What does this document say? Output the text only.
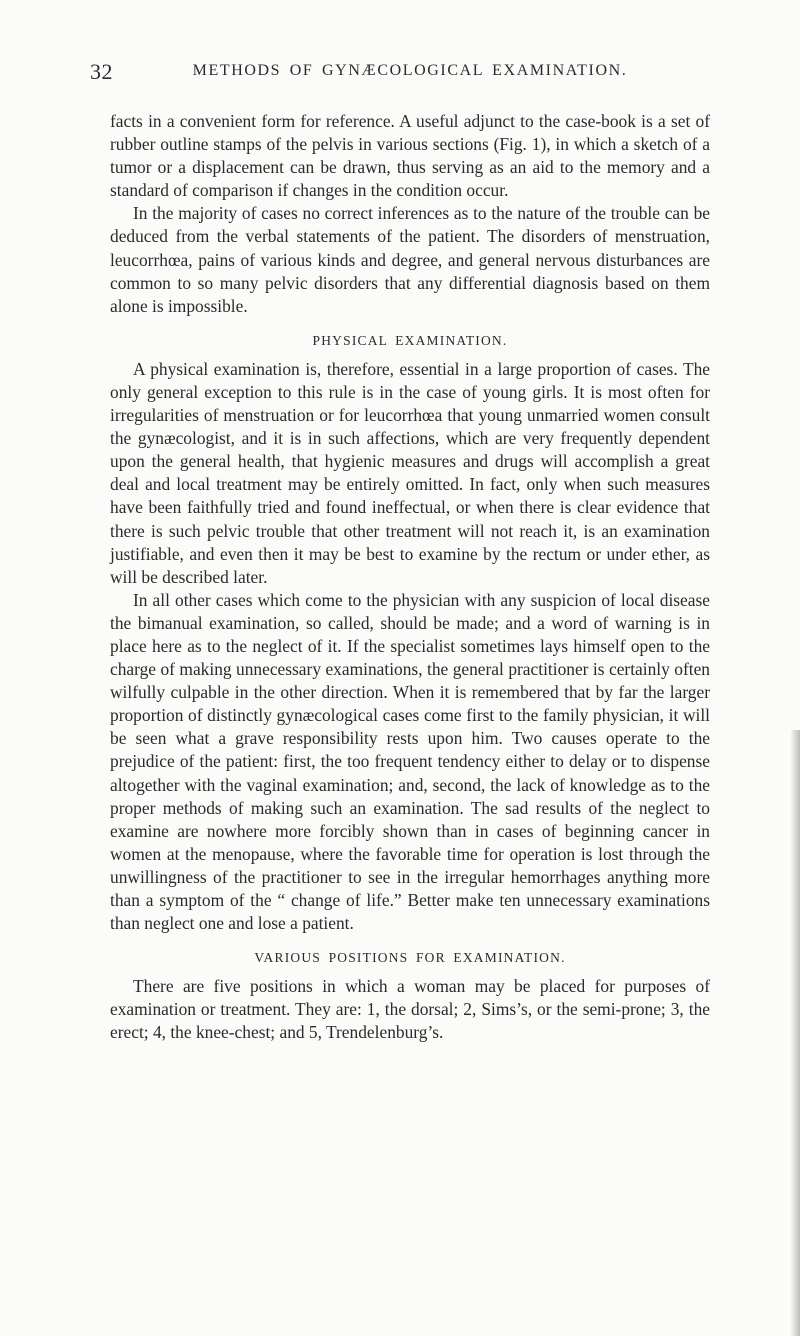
32	METHODS OF GYNÆCOLOGICAL EXAMINATION.

facts in a convenient form for reference. A useful adjunct to the case-book is a set of rubber outline stamps of the pelvis in various sections (Fig. 1), in which a sketch of a tumor or a displacement can be drawn, thus serving as an aid to the memory and a standard of comparison if changes in the condition occur.

In the majority of cases no correct inferences as to the nature of the trouble can be deduced from the verbal statements of the patient. The disorders of menstruation, leucorrhœa, pains of various kinds and degree, and general nervous disturbances are common to so many pelvic disorders that any differential diagnosis based on them alone is impossible.

PHYSICAL EXAMINATION.

A physical examination is, therefore, essential in a large proportion of cases. The only general exception to this rule is in the case of young girls. It is most often for irregularities of menstruation or for leucorrhœa that young unmarried women consult the gynæcologist, and it is in such affections, which are very frequently dependent upon the general health, that hygienic measures and drugs will accomplish a great deal and local treatment may be entirely omitted. In fact, only when such measures have been faithfully tried and found ineffectual, or when there is clear evidence that there is such pelvic trouble that other treatment will not reach it, is an examination justifiable, and even then it may be best to examine by the rectum or under ether, as will be described later.

In all other cases which come to the physician with any suspicion of local disease the bimanual examination, so called, should be made; and a word of warning is in place here as to the neglect of it. If the specialist sometimes lays himself open to the charge of making unnecessary examinations, the general practitioner is certainly often wilfully culpable in the other direction. When it is remembered that by far the larger proportion of distinctly gynæcological cases come first to the family physician, it will be seen what a grave responsibility rests upon him. Two causes operate to the prejudice of the patient: first, the too frequent tendency either to delay or to dispense altogether with the vaginal examination; and, second, the lack of knowledge as to the proper methods of making such an examination. The sad results of the neglect to examine are nowhere more forcibly shown than in cases of beginning cancer in women at the menopause, where the favorable time for operation is lost through the unwillingness of the practitioner to see in the irregular hemorrhages anything more than a symptom of the “ change of life.” Better make ten unnecessary examinations than neglect one and lose a patient.

VARIOUS POSITIONS FOR EXAMINATION.

There are five positions in which a woman may be placed for purposes of examination or treatment. They are: 1, the dorsal; 2, Sims’s, or the semi-prone; 3, the erect; 4, the knee-chest; and 5, Trendelenburg’s.
